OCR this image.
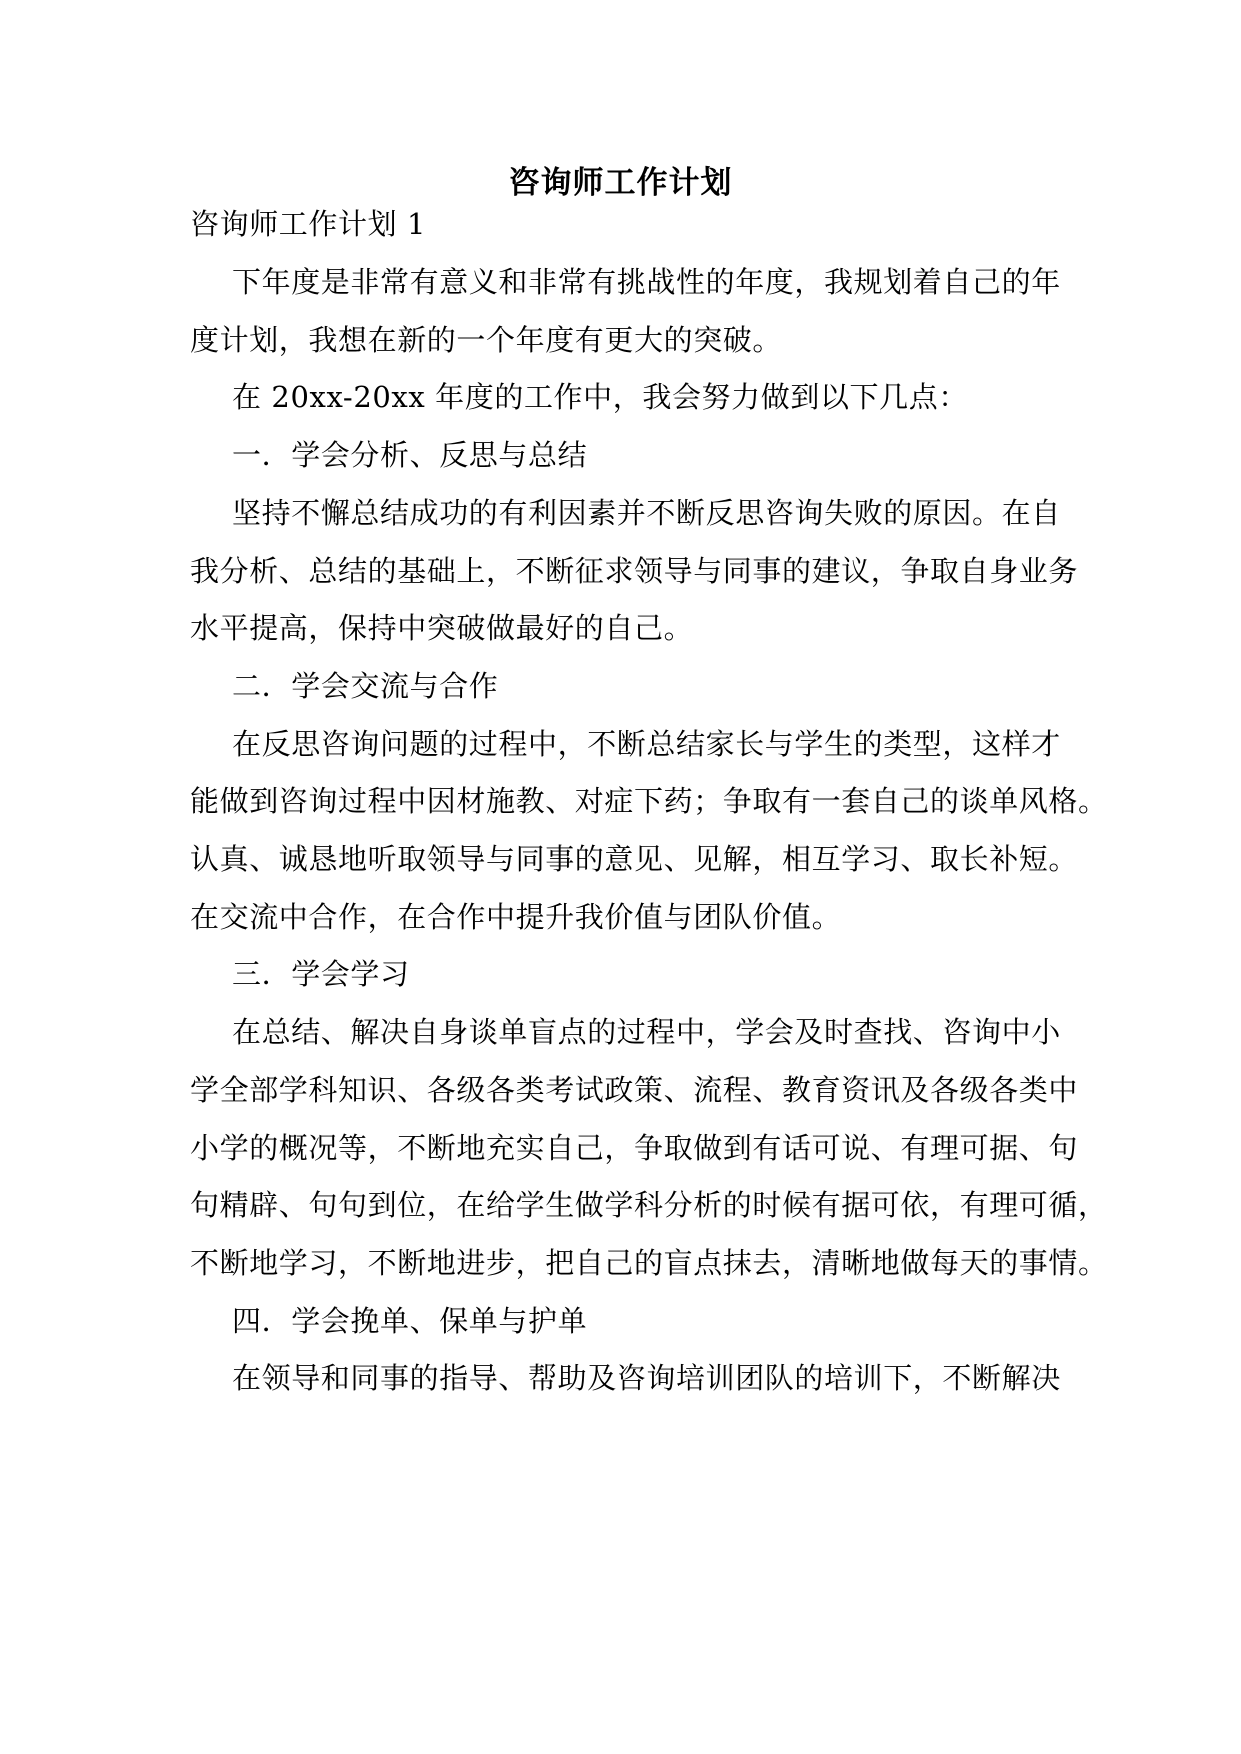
咨询师工作计划
咨询师工作计划 1
下年度是非常有意义和非常有挑战性的年度，我规划着自己的年
度计划，我想在新的一个年度有更大的突破。
在 20xx-20xx 年度的工作中，我会努力做到以下几点：
一．学会分析、反思与总结
坚持不懈总结成功的有利因素并不断反思咨询失败的原因。在自
我分析、总结的基础上，不断征求领导与同事的建议，争取自身业务
水平提高，保持中突破做最好的自己。
二．学会交流与合作
在反思咨询问题的过程中，不断总结家长与学生的类型，这样才
能做到咨询过程中因材施教、对症下药；争取有一套自己的谈单风格。
认真、诚恳地听取领导与同事的意见、见解，相互学习、取长补短。
在交流中合作，在合作中提升我价值与团队价值。
三．学会学习
在总结、解决自身谈单盲点的过程中，学会及时查找、咨询中小
学全部学科知识、各级各类考试政策、流程、教育资讯及各级各类中
小学的概况等，不断地充实自己，争取做到有话可说、有理可据、句
句精辟、句句到位，在给学生做学科分析的时候有据可依，有理可循，
不断地学习，不断地进步，把自己的盲点抹去，清晰地做每天的事情。
四．学会挽单、保单与护单
在领导和同事的指导、帮助及咨询培训团队的培训下，不断解决
